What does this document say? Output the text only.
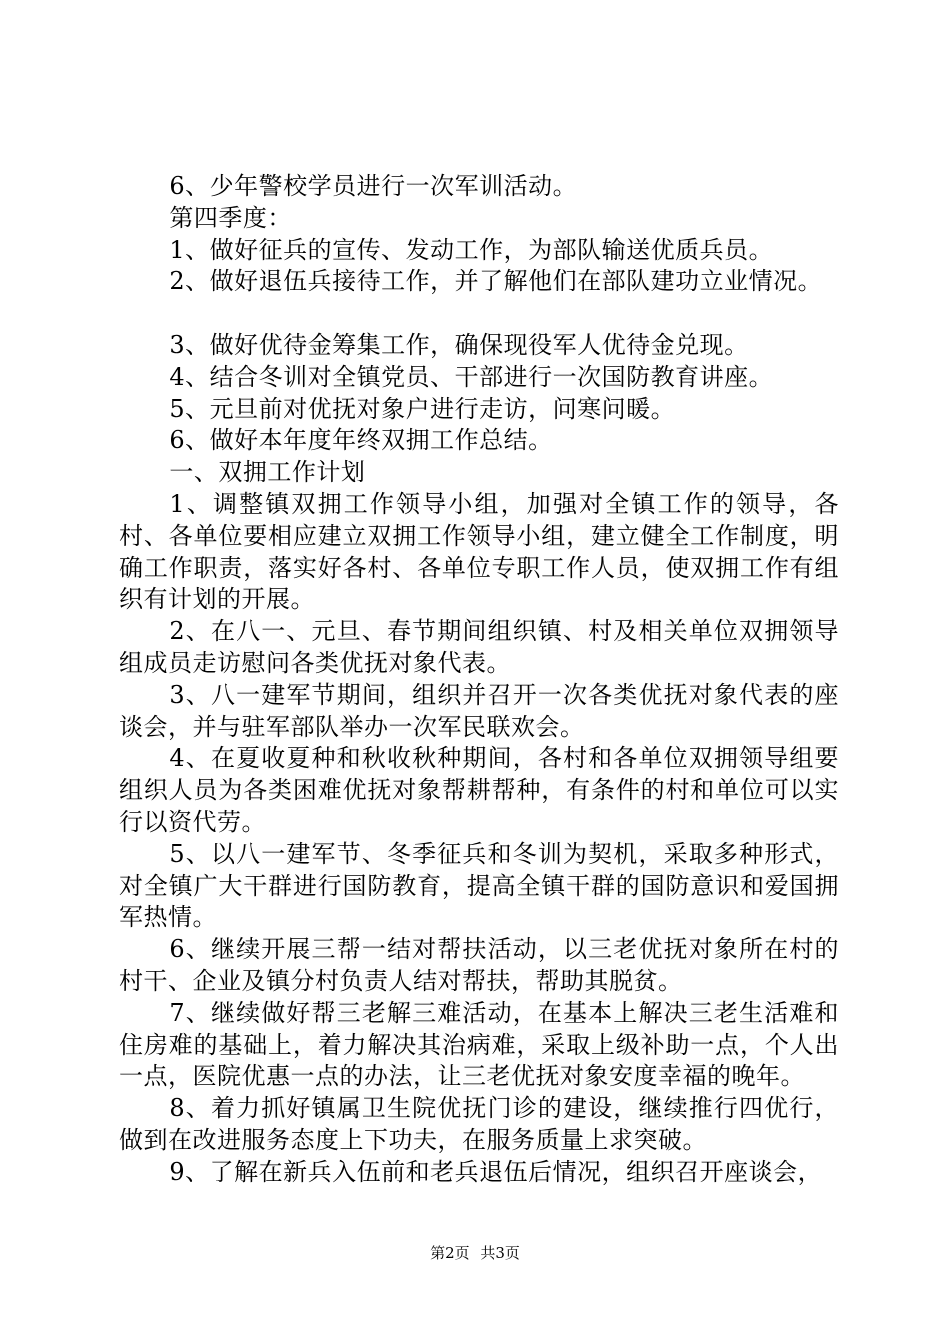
6、少年警校学员进行一次军训活动。

第四季度：

1、做好征兵的宣传、发动工作，为部队输送优质兵员。

2、做好退伍兵接待工作，并了解他们在部队建功立业情况。

3、做好优待金筹集工作，确保现役军人优待金兑现。

4、结合冬训对全镇党员、干部进行一次国防教育讲座。

5、元旦前对优抚对象户进行走访，问寒问暖。

6、做好本年度年终双拥工作总结。

一、双拥工作计划

1、调整镇双拥工作领导小组，加强对全镇工作的领导，各村、各单位要相应建立双拥工作领导小组，建立健全工作制度，明确工作职责，落实好各村、各单位专职工作人员，使双拥工作有组织有计划的开展。

2、在八一、元旦、春节期间组织镇、村及相关单位双拥领导组成员走访慰问各类优抚对象代表。

3、八一建军节期间，组织并召开一次各类优抚对象代表的座谈会，并与驻军部队举办一次军民联欢会。

4、在夏收夏种和秋收秋种期间，各村和各单位双拥领导组要组织人员为各类困难优抚对象帮耕帮种，有条件的村和单位可以实行以资代劳。

5、以八一建军节、冬季征兵和冬训为契机，采取多种形式，对全镇广大干群进行国防教育，提高全镇干群的国防意识和爱国拥军热情。

6、继续开展三帮一结对帮扶活动，以三老优抚对象所在村的村干、企业及镇分村负责人结对帮扶，帮助其脱贫。

7、继续做好帮三老解三难活动，在基本上解决三老生活难和住房难的基础上，着力解决其治病难，采取上级补助一点，个人出一点，医院优惠一点的办法，让三老优抚对象安度幸福的晚年。

8、着力抓好镇属卫生院优抚门诊的建设，继续推行四优行，做到在改进服务态度上下功夫，在服务质量上求突破。

9、了解在新兵入伍前和老兵退伍后情况，组织召开座谈会，

第2页 共3页
